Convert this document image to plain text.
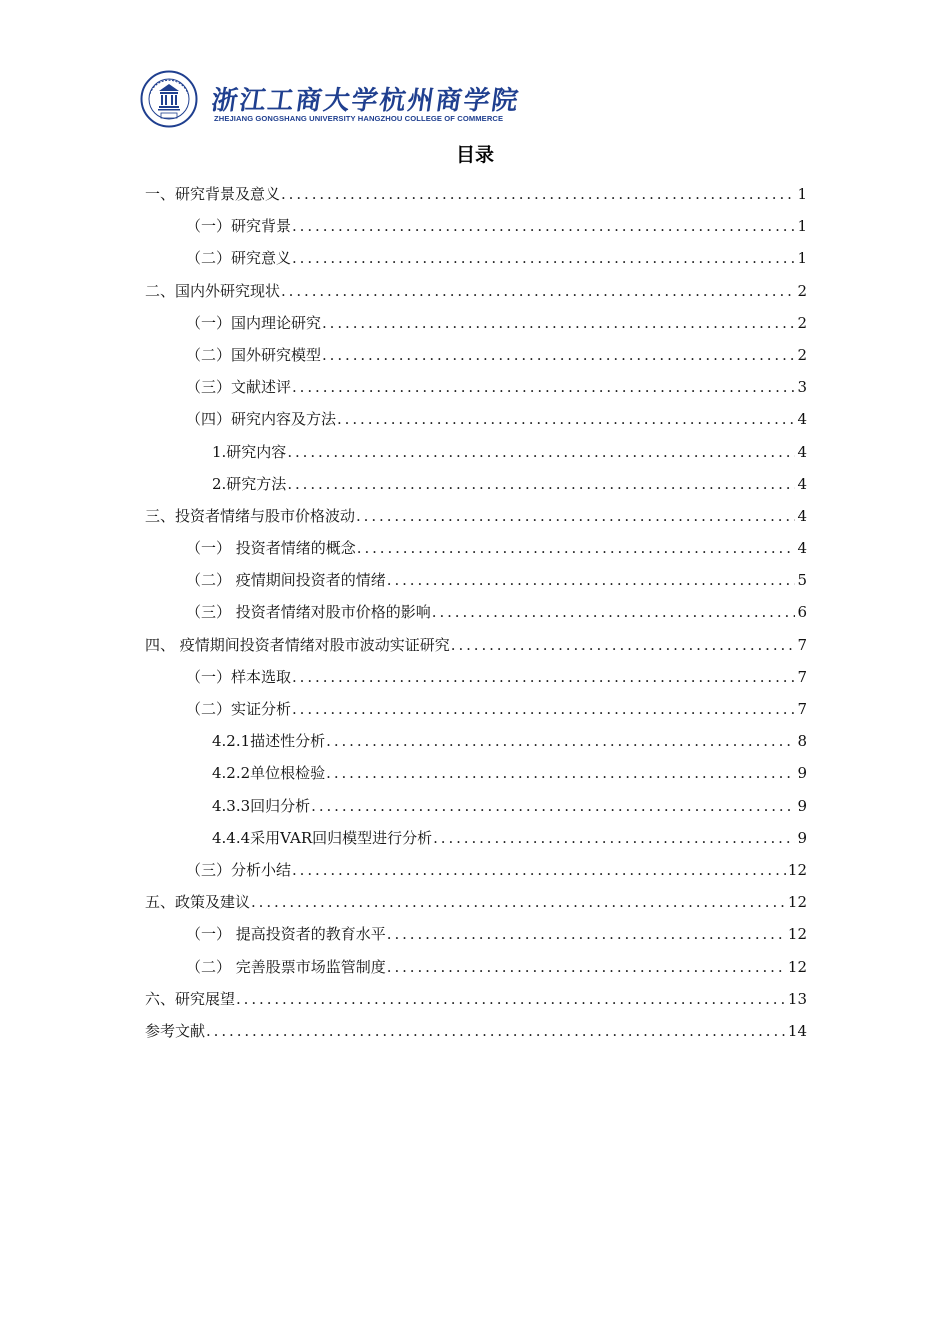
浙江工商大学杭州商学院
ZHEJIANG GONGSHANG UNIVERSITY HANGZHOU COLLEGE OF COMMERCE
目录
一、研究背景及意义 .....	1
（一）研究背景 .....	1
（二）研究意义 .....	1
二、国内外研究现状 .....	2
（一）国内理论研究 .....	2
（二）国外研究模型 .....	2
（三）文献述评 .....	3
（四）研究内容及方法 .....	4
1.研究内容 .....	4
2.研究方法 .....	4
三、投资者情绪与股市价格波动 .....	4
（一） 投资者情绪的概念 .....	4
（二） 疫情期间投资者的情绪 .....	5
（三） 投资者情绪对股市价格的影响 .....	6
四、 疫情期间投资者情绪对股市波动实证研究 .....	7
（一）样本选取 .....	7
（二）实证分析 .....	7
4.2.1描述性分析 .....	8
4.2.2单位根检验 .....	9
4.3.3回归分析 .....	9
4.4.4采用VAR回归模型进行分析 .....	9
（三）分析小结 .....	12
五、政策及建议 .....	12
（一） 提高投资者的教育水平 .....	12
（二） 完善股票市场监管制度 .....	12
六、研究展望 .....	13
参考文献 .....	14
